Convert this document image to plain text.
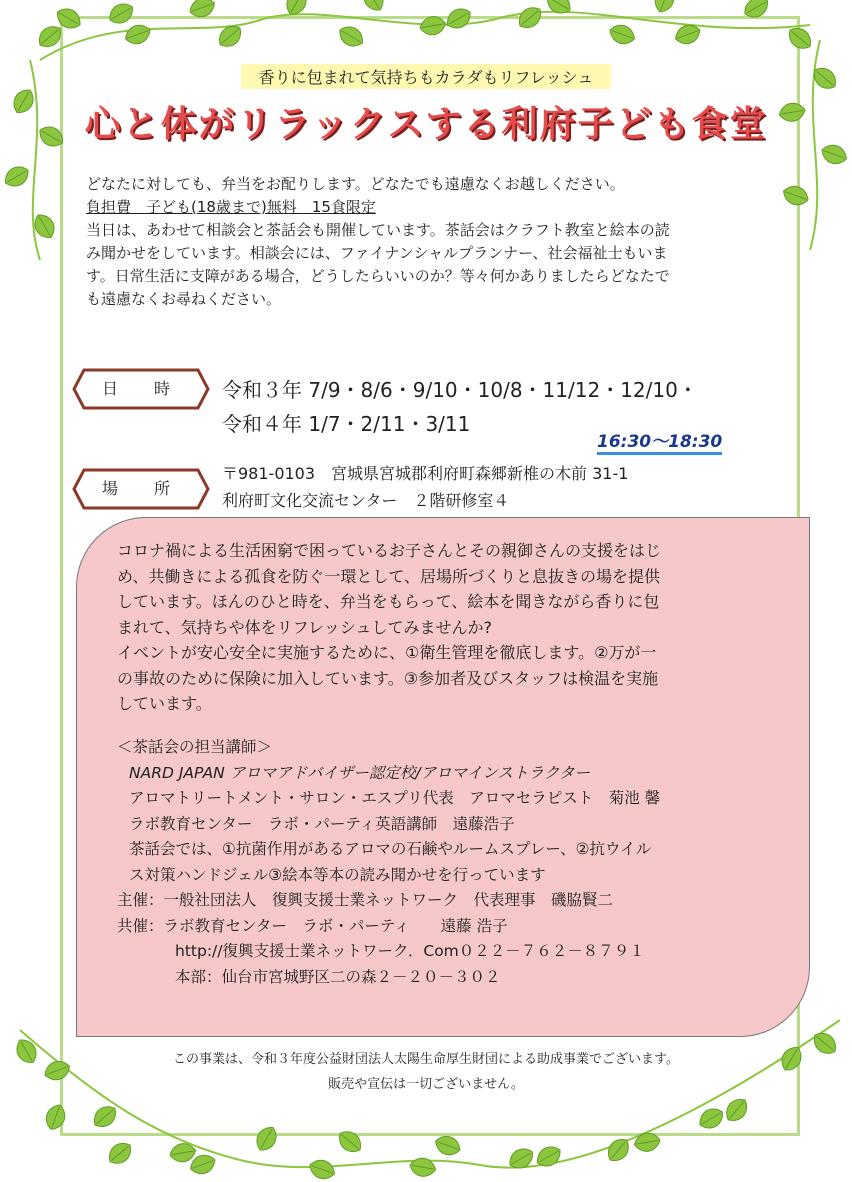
香りに包まれて気持ちもカラダもリフレッシュ
心と体がリラックスする利府子ども食堂
どなたに対しても、弁当をお配りします。どなたでも遠慮なくお越しください。
負担費　子ども(18歳まで)無料　15食限定
当日は、あわせて相談会と茶話会も開催しています。茶話会はクラフト教室と絵本の読
み聞かせをしています。相談会には、ファイナンシャルプランナー、社会福祉士もいま
す。日常生活に支障がある場合，どうしたらいいのか？等々何かありましたらどなたで
も遠慮なくお尋ねください。
日　時	令和３年 7/9・8/6・9/10・10/8・11/12・12/10・
令和４年 1/7・2/11・3/11
16:30〜18:30
場　所
〒981-0103　宮城県宮城郡利府町森郷新椎の木前 31-1
利府町文化交流センター　２階研修室４
コロナ禍による生活困窮で困っているお子さんとその親御さんの支援をはじ
め、共働きによる孤食を防ぐ一環として、居場所づくりと息抜きの場を提供
しています。ほんのひと時を、弁当をもらって、絵本を聞きながら香りに包
まれて、気持ちや体をリフレッシュしてみませんか?
イベントが安心安全に実施するために、①衛生管理を徹底します。②万が一
の事故のために保険に加入しています。③参加者及びスタッフは検温を実施
しています。
＜茶話会の担当講師＞
NARD JAPAN アロマアドバイザー認定校/アロマインストラクター
アロマトリートメント・サロン・エスプリ代表　アロマセラピスト　菊池 馨
ラボ教育センター　ラボ・パーティ英語講師　遠藤浩子
茶話会では、①抗菌作用があるアロマの石鹸やルームスプレー、②抗ウイル
ス対策ハンドジェル③絵本等本の読み聞かせを行っています
主催：一般社団法人　復興支援士業ネットワーク　代表理事　磯脇賢二
共催：ラボ教育センター　ラボ・パーティ　　遠藤 浩子
http://復興支援士業ネットワーク．Com０２２－７６２－８７９１
本部：仙台市宮城野区二の森２－２０－３０２
この事業は、令和３年度公益財団法人太陽生命厚生財団による助成事業でございます。
販売や宣伝は一切ございません。
